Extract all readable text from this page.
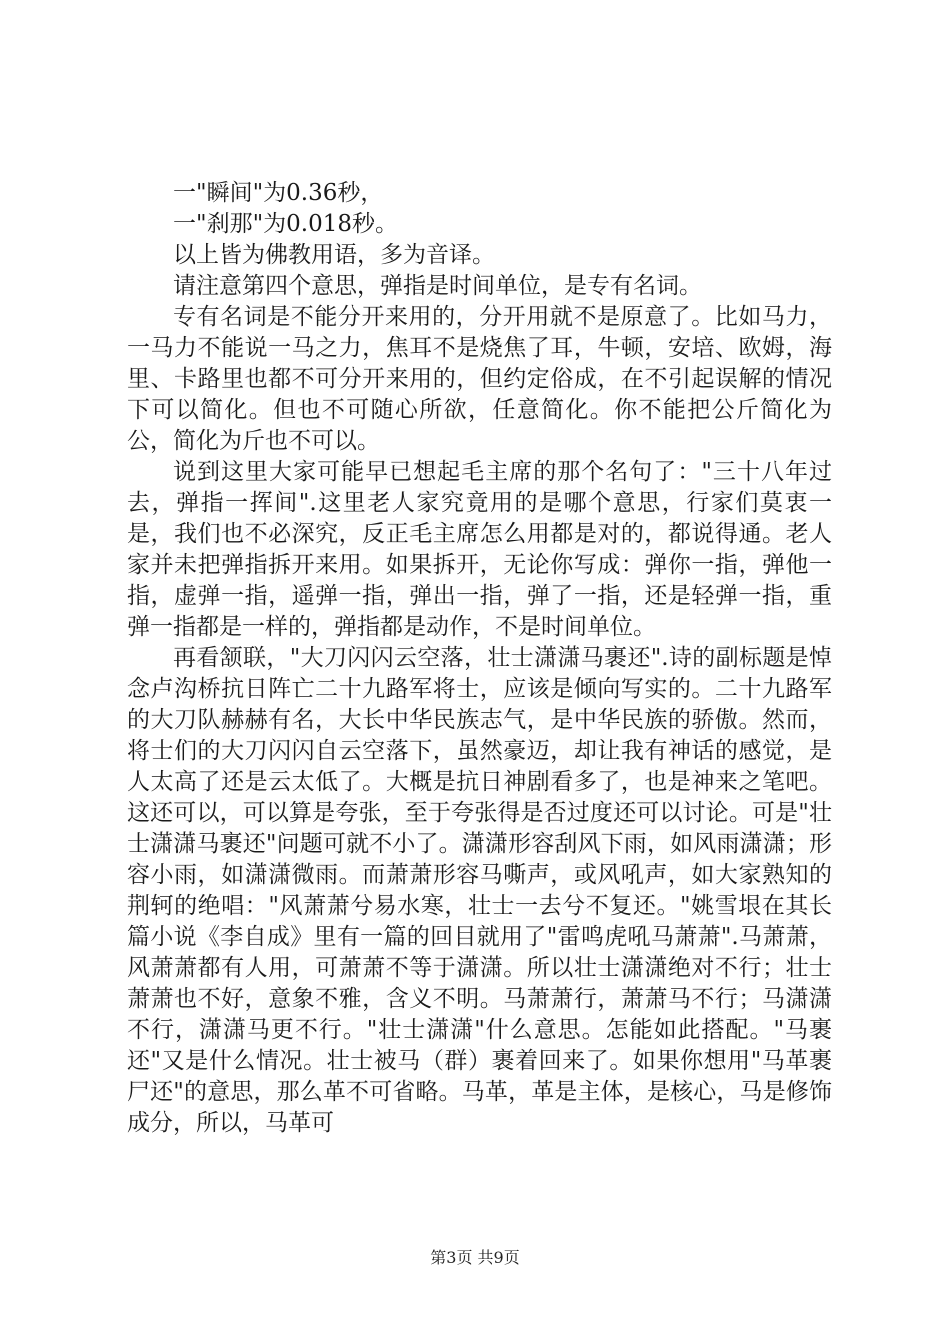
一"瞬间"为0.36秒，

一"刹那"为0.018秒。

以上皆为佛教用语，多为音译。

请注意第四个意思，弹指是时间单位，是专有名词。

专有名词是不能分开来用的，分开用就不是原意了。比如马力，一马力不能说一马之力，焦耳不是烧焦了耳，牛顿，安培、欧姆，海里、卡路里也都不可分开来用的，但约定俗成，在不引起误解的情况下可以简化。但也不可随心所欲，任意简化。你不能把公斤简化为公，简化为斤也不可以。

说到这里大家可能早已想起毛主席的那个名句了："三十八年过去，弹指一挥间".这里老人家究竟用的是哪个意思，行家们莫衷一是，我们也不必深究，反正毛主席怎么用都是对的，都说得通。老人家并未把弹指拆开来用。如果拆开，无论你写成：弹你一指，弹他一指，虚弹一指，遥弹一指，弹出一指，弹了一指，还是轻弹一指，重弹一指都是一样的，弹指都是动作，不是时间单位。

再看颔联，"大刀闪闪云空落，壮士潇潇马裹还".诗的副标题是悼念卢沟桥抗日阵亡二十九路军将士，应该是倾向写实的。二十九路军的大刀队赫赫有名，大长中华民族志气，是中华民族的骄傲。然而，将士们的大刀闪闪自云空落下，虽然豪迈，却让我有神话的感觉，是人太高了还是云太低了。大概是抗日神剧看多了，也是神来之笔吧。这还可以，可以算是夸张，至于夸张得是否过度还可以讨论。可是"壮士潇潇马裹还"问题可就不小了。潇潇形容刮风下雨，如风雨潇潇；形容小雨，如潇潇微雨。而萧萧形容马嘶声，或风吼声，如大家熟知的荆轲的绝唱："风萧萧兮易水寒，壮士一去兮不复还。"姚雪垠在其长篇小说《李自成》里有一篇的回目就用了"雷鸣虎吼马萧萧".马萧萧，风萧萧都有人用，可萧萧不等于潇潇。所以壮士潇潇绝对不行；壮士萧萧也不好，意象不雅，含义不明。马萧萧行，萧萧马不行；马潇潇不行，潇潇马更不行。"壮士潇潇"什么意思。怎能如此搭配。"马裹还"又是什么情况。壮士被马（群）裹着回来了。如果你想用"马革裹尸还"的意思，那么革不可省略。马革，革是主体，是核心，马是修饰成分，所以，马革可

第3页 共9页
